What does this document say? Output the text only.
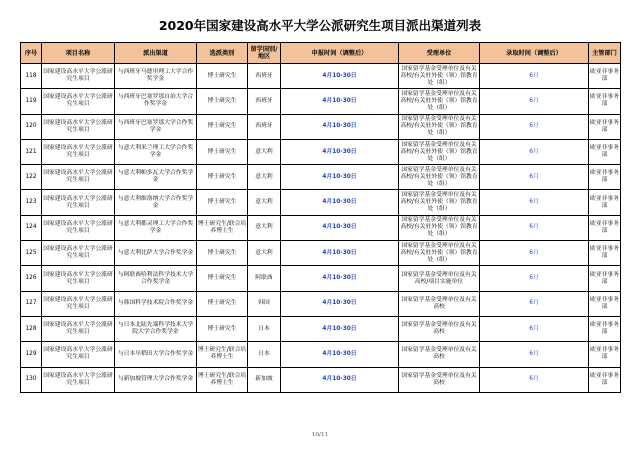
2020年国家建设高水平大学公派研究生项目派出渠道列表
序号	项目名称	派出渠道	选派类别	留学国别/地区	申报时间（调整后）	受理单位	录取时间（调整后）	主管部门
118	国家建设高水平大学公派研究生项目	与西班牙马德里理工大学合作奖学金	博士研究生	西班牙	4月10-30日	国家留学基金受理单位及有关高校/有关驻外使（领）馆教育处（组）	6月	欧亚非事务部
119	国家建设高水平大学公派研究生项目	与西班牙巴塞罗那自治大学合作奖学金	博士研究生	西班牙	4月10-30日	国家留学基金受理单位及有关高校/有关驻外使（领）馆教育处（组）	6月	欧亚非事务部
120	国家建设高水平大学公派研究生项目	与西班牙巴塞罗那大学合作奖学金	博士研究生	西班牙	4月10-30日	国家留学基金受理单位及有关高校/有关驻外使（领）馆教育处（组）	6月	欧亚非事务部
121	国家建设高水平大学公派研究生项目	与意大利米兰理工大学合作奖学金	博士研究生	意大利	4月10-30日	国家留学基金受理单位及有关高校/有关驻外使（领）馆教育处（组）	6月	欧亚非事务部
122	国家建设高水平大学公派研究生项目	与意大利帕多瓦大学合作奖学金	博士研究生	意大利	4月10-30日	国家留学基金受理单位及有关高校/有关驻外使（领）馆教育处（组）	6月	欧亚非事务部
123	国家建设高水平大学公派研究生项目	与意大利维洛纳大学合作奖学金	博士研究生	意大利	4月10-30日	国家留学基金受理单位及有关高校/有关驻外使（领）馆教育处（组）	6月	欧亚非事务部
124	国家建设高水平大学公派研究生项目	与意大利都灵理工大学合作奖学金	博士研究生/联合培养博士生	意大利	4月10-30日	国家留学基金受理单位及有关高校/有关驻外使（领）馆教育处（组）	6月	欧亚非事务部
125	国家建设高水平大学公派研究生项目	与意大利比萨大学合作奖学金	博士研究生	意大利	4月10-30日	国家留学基金受理单位及有关高校/有关驻外使（领）馆教育处（组）	6月	欧亚非事务部
126	国家建设高水平大学公派研究生项目	与阿联酋哈利法科学技术大学合作奖学金	博士研究生	阿联酋	4月10-30日	国家留学基金受理单位及有关高校/项目实施单位	6月	欧亚非事务部
127	国家建设高水平大学公派研究生项目	与韩国科学技术院合作奖学金	博士研究生	韩国	4月10-30日	国家留学基金受理单位及有关高校	6月	欧亚非事务部
128	国家建设高水平大学公派研究生项目	与日本北陆先端科学技术大学院大学合作奖学金	博士研究生	日本	4月10-30日	国家留学基金受理单位及有关高校	6月	欧亚非事务部
129	国家建设高水平大学公派研究生项目	与日本早稻田大学合作奖学金	博士研究生/联合培养博士生	日本	4月10-30日	国家留学基金受理单位及有关高校	6月	欧亚非事务部
130	国家建设高水平大学公派研究生项目	与新加坡管理大学合作奖学金	博士研究生/联合培养博士生	新加坡	4月10-30日	国家留学基金受理单位及有关高校	6月	欧亚非事务部
10/11
